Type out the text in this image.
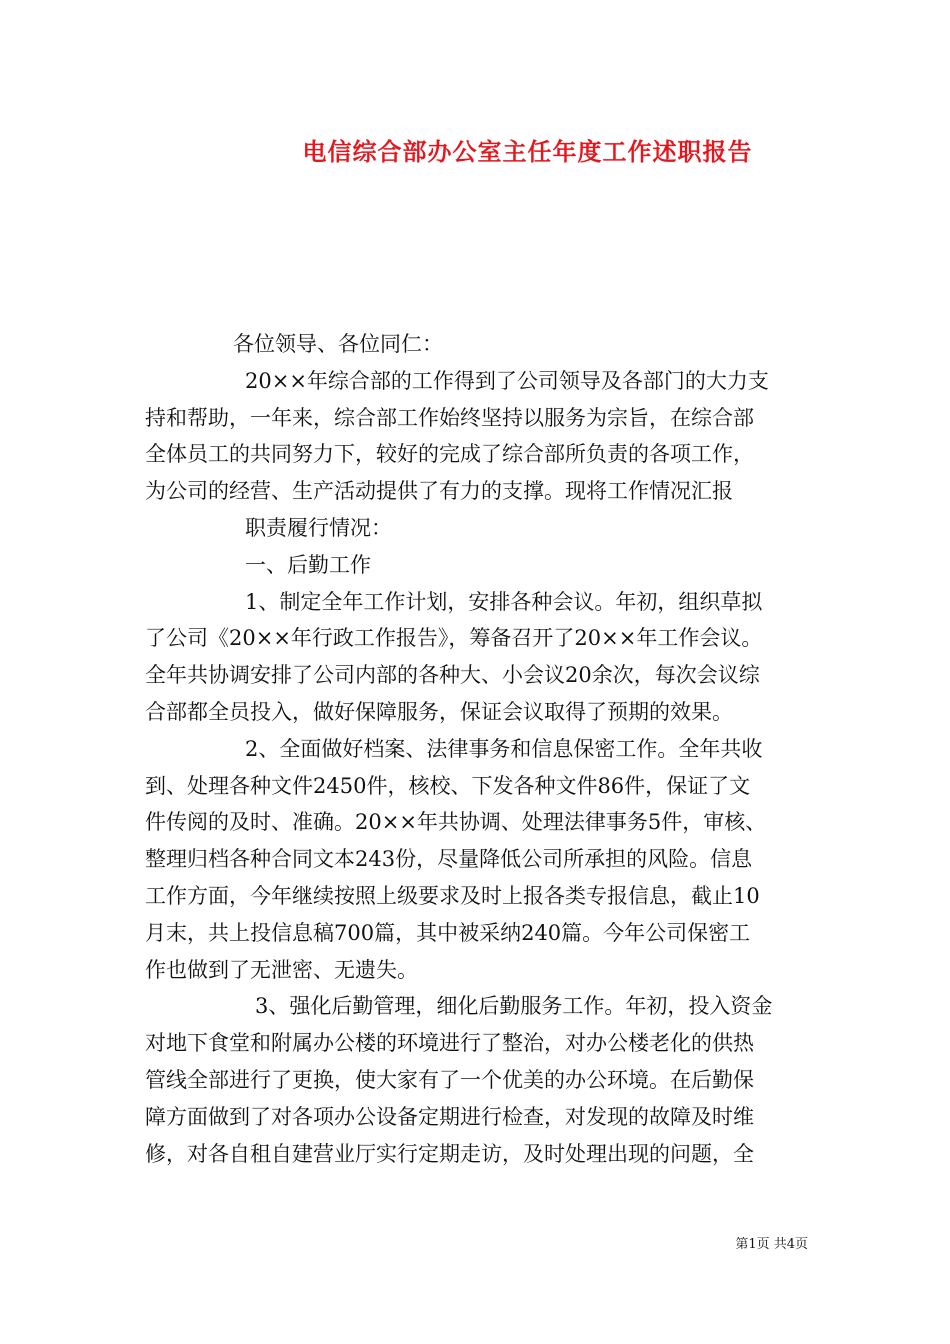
电信综合部办公室主任年度工作述职报告
各位领导、各位同仁：
20××年综合部的工作得到了公司领导及各部门的大力支
持和帮助，一年来，综合部工作始终坚持以服务为宗旨，在综合部
全体员工的共同努力下，较好的完成了综合部所负责的各项工作，
为公司的经营、生产活动提供了有力的支撑。现将工作情况汇报
职责履行情况：
一、后勤工作
1、制定全年工作计划，安排各种会议。年初，组织草拟
了公司《20××年行政工作报告》，筹备召开了20××年工作会议。
全年共协调安排了公司内部的各种大、小会议20余次，每次会议综
合部都全员投入，做好保障服务，保证会议取得了预期的效果。
2、全面做好档案、法律事务和信息保密工作。全年共收
到、处理各种文件2450件，核校、下发各种文件86件，保证了文
件传阅的及时、准确。20××年共协调、处理法律事务5件，审核、
整理归档各种合同文本243份，尽量降低公司所承担的风险。信息
工作方面，今年继续按照上级要求及时上报各类专报信息，截止10
月末，共上投信息稿700篇，其中被采纳240篇。今年公司保密工
作也做到了无泄密、无遗失。
3、强化后勤管理，细化后勤服务工作。年初，投入资金
对地下食堂和附属办公楼的环境进行了整治，对办公楼老化的供热
管线全部进行了更换，使大家有了一个优美的办公环境。在后勤保
障方面做到了对各项办公设备定期进行检查，对发现的故障及时维
修，对各自租自建营业厅实行定期走访，及时处理出现的问题，全
第1页 共4页
